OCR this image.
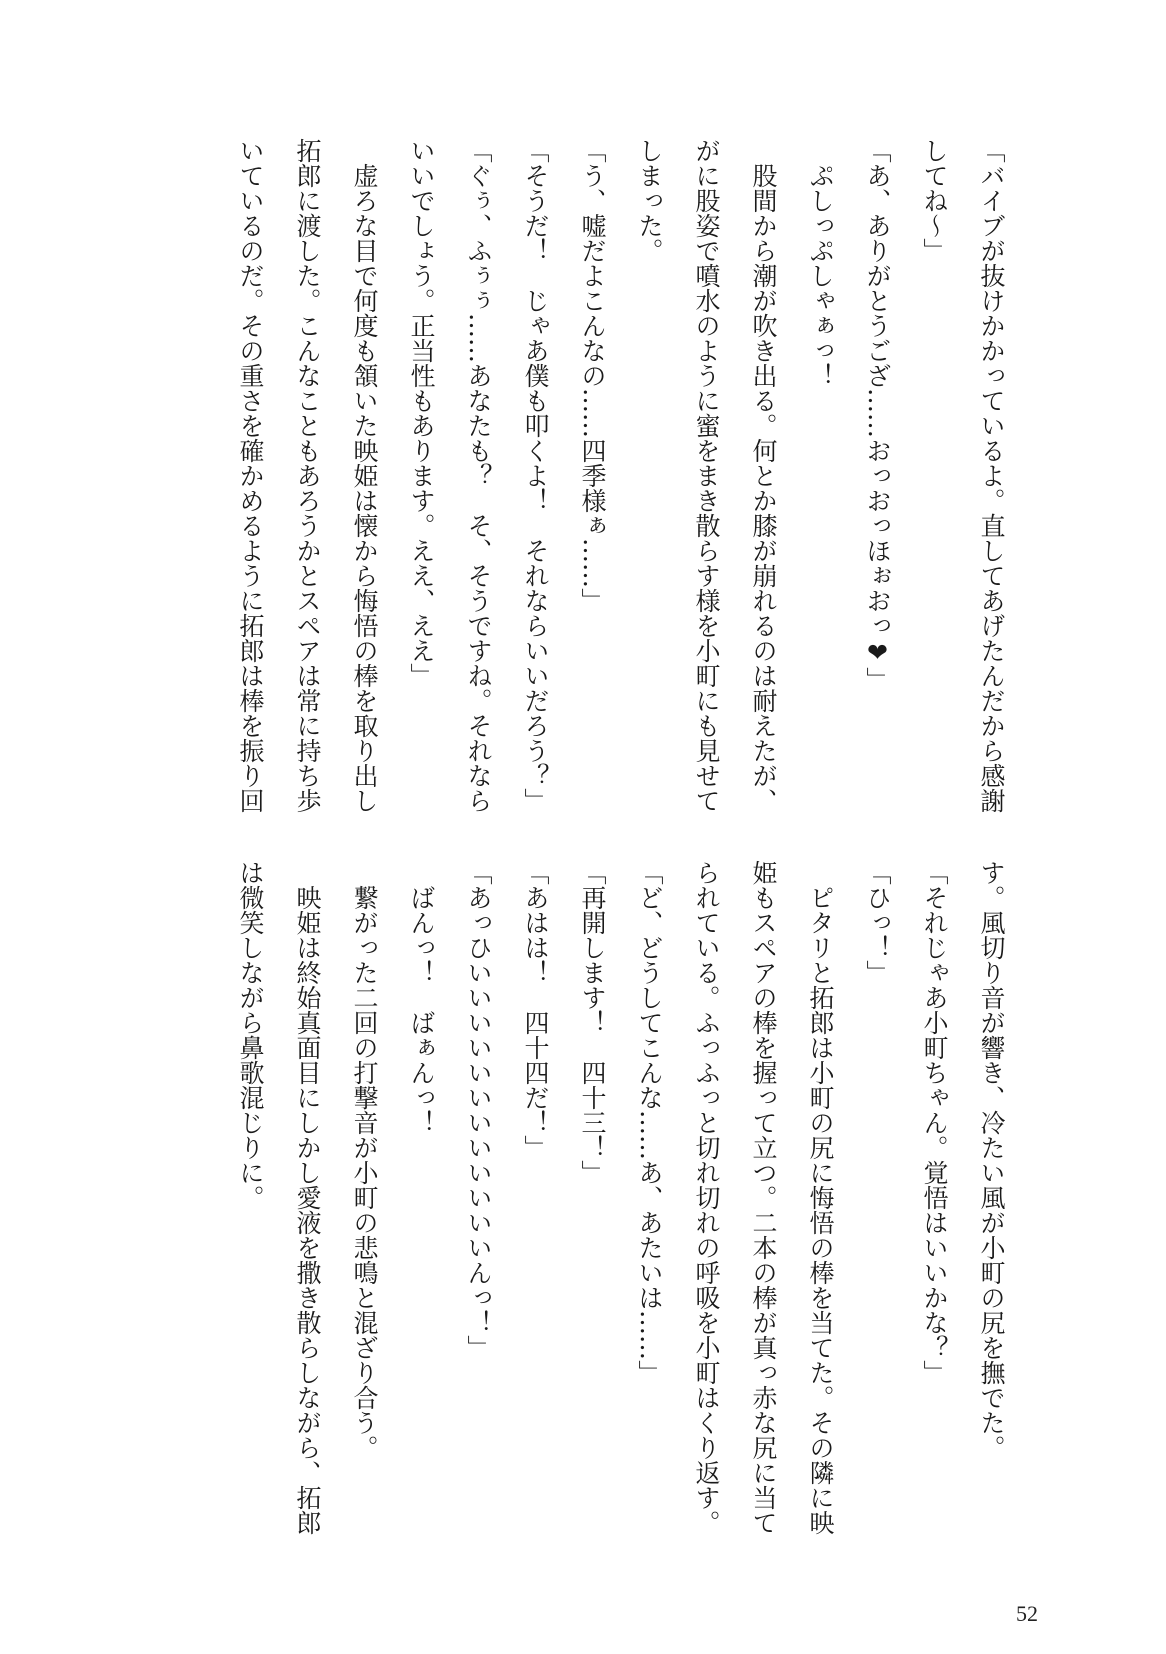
「バイブが抜けかかっているよ。直してあげたんだから感謝
してね〜」
「あ、ありがとうござ……おっおっほぉおっ❤」
　ぷしっぷしゃぁっ！
　股間から潮が吹き出る。何とか膝が崩れるのは耐えたが、
がに股姿で噴水のように蜜をまき散らす様を小町にも見せて
しまった。
「う、嘘だよこんなの……四季様ぁ……」
「そうだ！　じゃあ僕も叩くよ！　それならいいだろう？」
「ぐぅ、ふぅぅ……あなたも？　そ、そうですね。それなら
いいでしょう。正当性もあります。ええ、ええ」
　虚ろな目で何度も頷いた映姫は懐から悔悟の棒を取り出し
拓郎に渡した。こんなこともあろうかとスペアは常に持ち歩
いているのだ。その重さを確かめるように拓郎は棒を振り回
す。風切り音が響き、冷たい風が小町の尻を撫でた。
「それじゃあ小町ちゃん。覚悟はいいかな？」
「ひっ！」
　ピタリと拓郎は小町の尻に悔悟の棒を当てた。その隣に映
姫もスペアの棒を握って立つ。二本の棒が真っ赤な尻に当て
られている。ふっふっと切れ切れの呼吸を小町はくり返す。
「ど、どうしてこんな……あ、あたいは……」
「再開します！　四十三！」
「あはは！　四十四だ！」
「あっひいいいいいいいいいいいいんっ！」
　ばんっ！　ばぁんっ！
　繋がった二回の打撃音が小町の悲鳴と混ざり合う。
　映姫は終始真面目にしかし愛液を撒き散らしながら、拓郎
は微笑しながら鼻歌混じりに。
52
